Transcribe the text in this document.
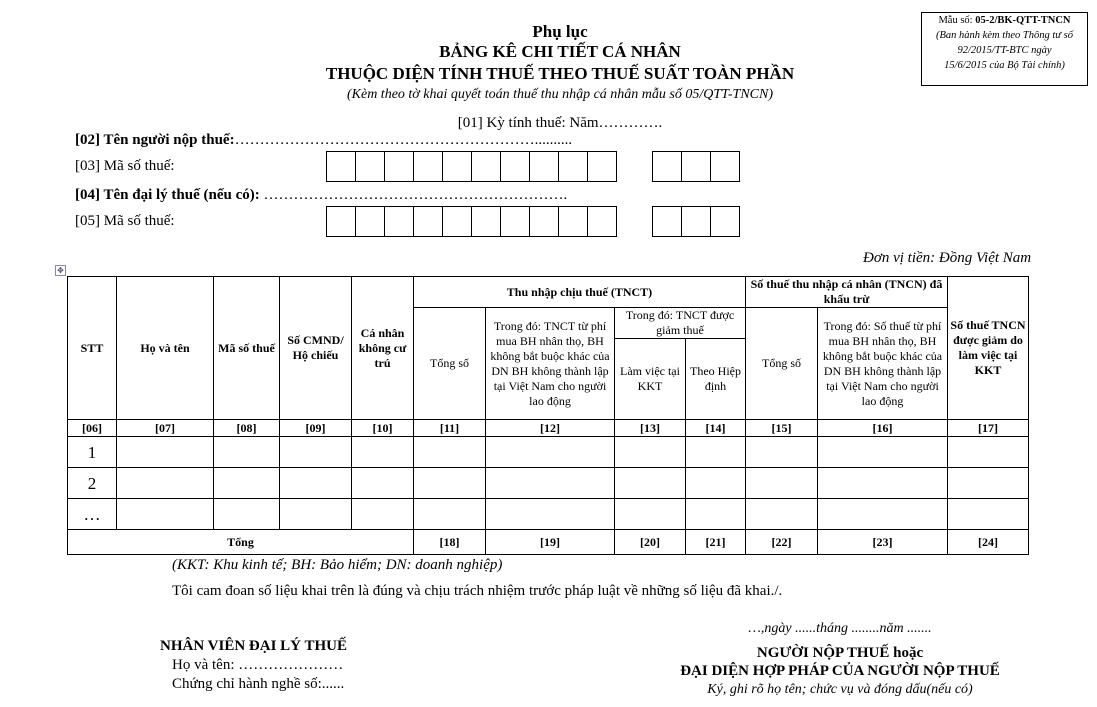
Mẫu số: 05-2/BK-QTT-TNCN
(Ban hành kèm theo Thông tư số
92/2015/TT-BTC ngày
15/6/2015 của Bộ Tài chính)
Phụ lục
BẢNG KÊ CHI TIẾT CÁ NHÂN
THUỘC DIỆN TÍNH THUẾ THEO THUẾ SUẤT TOÀN PHẦN
(Kèm theo tờ khai quyết toán thuế thu nhập cá nhân mẫu số 05/QTT-TNCN)
[01] Kỳ tính thuế: Năm………….
[02] Tên người nộp thuế:……………………………………………………..........
[03] Mã số thuế:
[04] Tên đại lý thuế (nếu có): …………………………………………………….
[05] Mã số thuế:
Đơn vị tiền: Đồng Việt Nam
✥
STT	Họ và tên	Mã số thuế	Số CMND/ Hộ chiếu	Cá nhân không cư trú	Thu nhập chịu thuế (TNCT)				Số thuế thu nhập cá nhân (TNCN) đã khấu trừ		Số thuế TNCN được giảm do làm việc tại KKT
					Tổng số	Trong đó: TNCT từ phí mua BH nhân thọ, BH không bắt buộc khác của DN BH không thành lập tại Việt Nam cho người lao động	Trong đó: TNCT được giảm thuế		Tổng số	Trong đó: Số thuế từ phí mua BH nhân thọ, BH không bắt buộc khác của DN BH không thành lập tại Việt Nam cho người lao động	
							Làm việc tại KKT	Theo Hiệp định			
[06]	[07]	[08]	[09]	[10]	[11]	[12]	[13]	[14]	[15]	[16]	[17]
1											
2											
…											
Tổng					[18]	[19]	[20]	[21]	[22]	[23]	[24]
(KKT: Khu kinh tế; BH: Bảo hiểm; DN: doanh nghiệp)
Tôi cam đoan số liệu khai trên là đúng và chịu trách nhiệm trước pháp luật về những số liệu đã khai./.
NHÂN VIÊN ĐẠI LÝ THUẾ
Họ và tên: …………………
Chứng chỉ hành nghề số:......
…,ngày ......tháng ........năm .......
NGƯỜI NỘP THUẾ hoặc
ĐẠI DIỆN HỢP PHÁP CỦA NGƯỜI NỘP THUẾ
Ký, ghi rõ họ tên; chức vụ và đóng dấu(nếu có)
